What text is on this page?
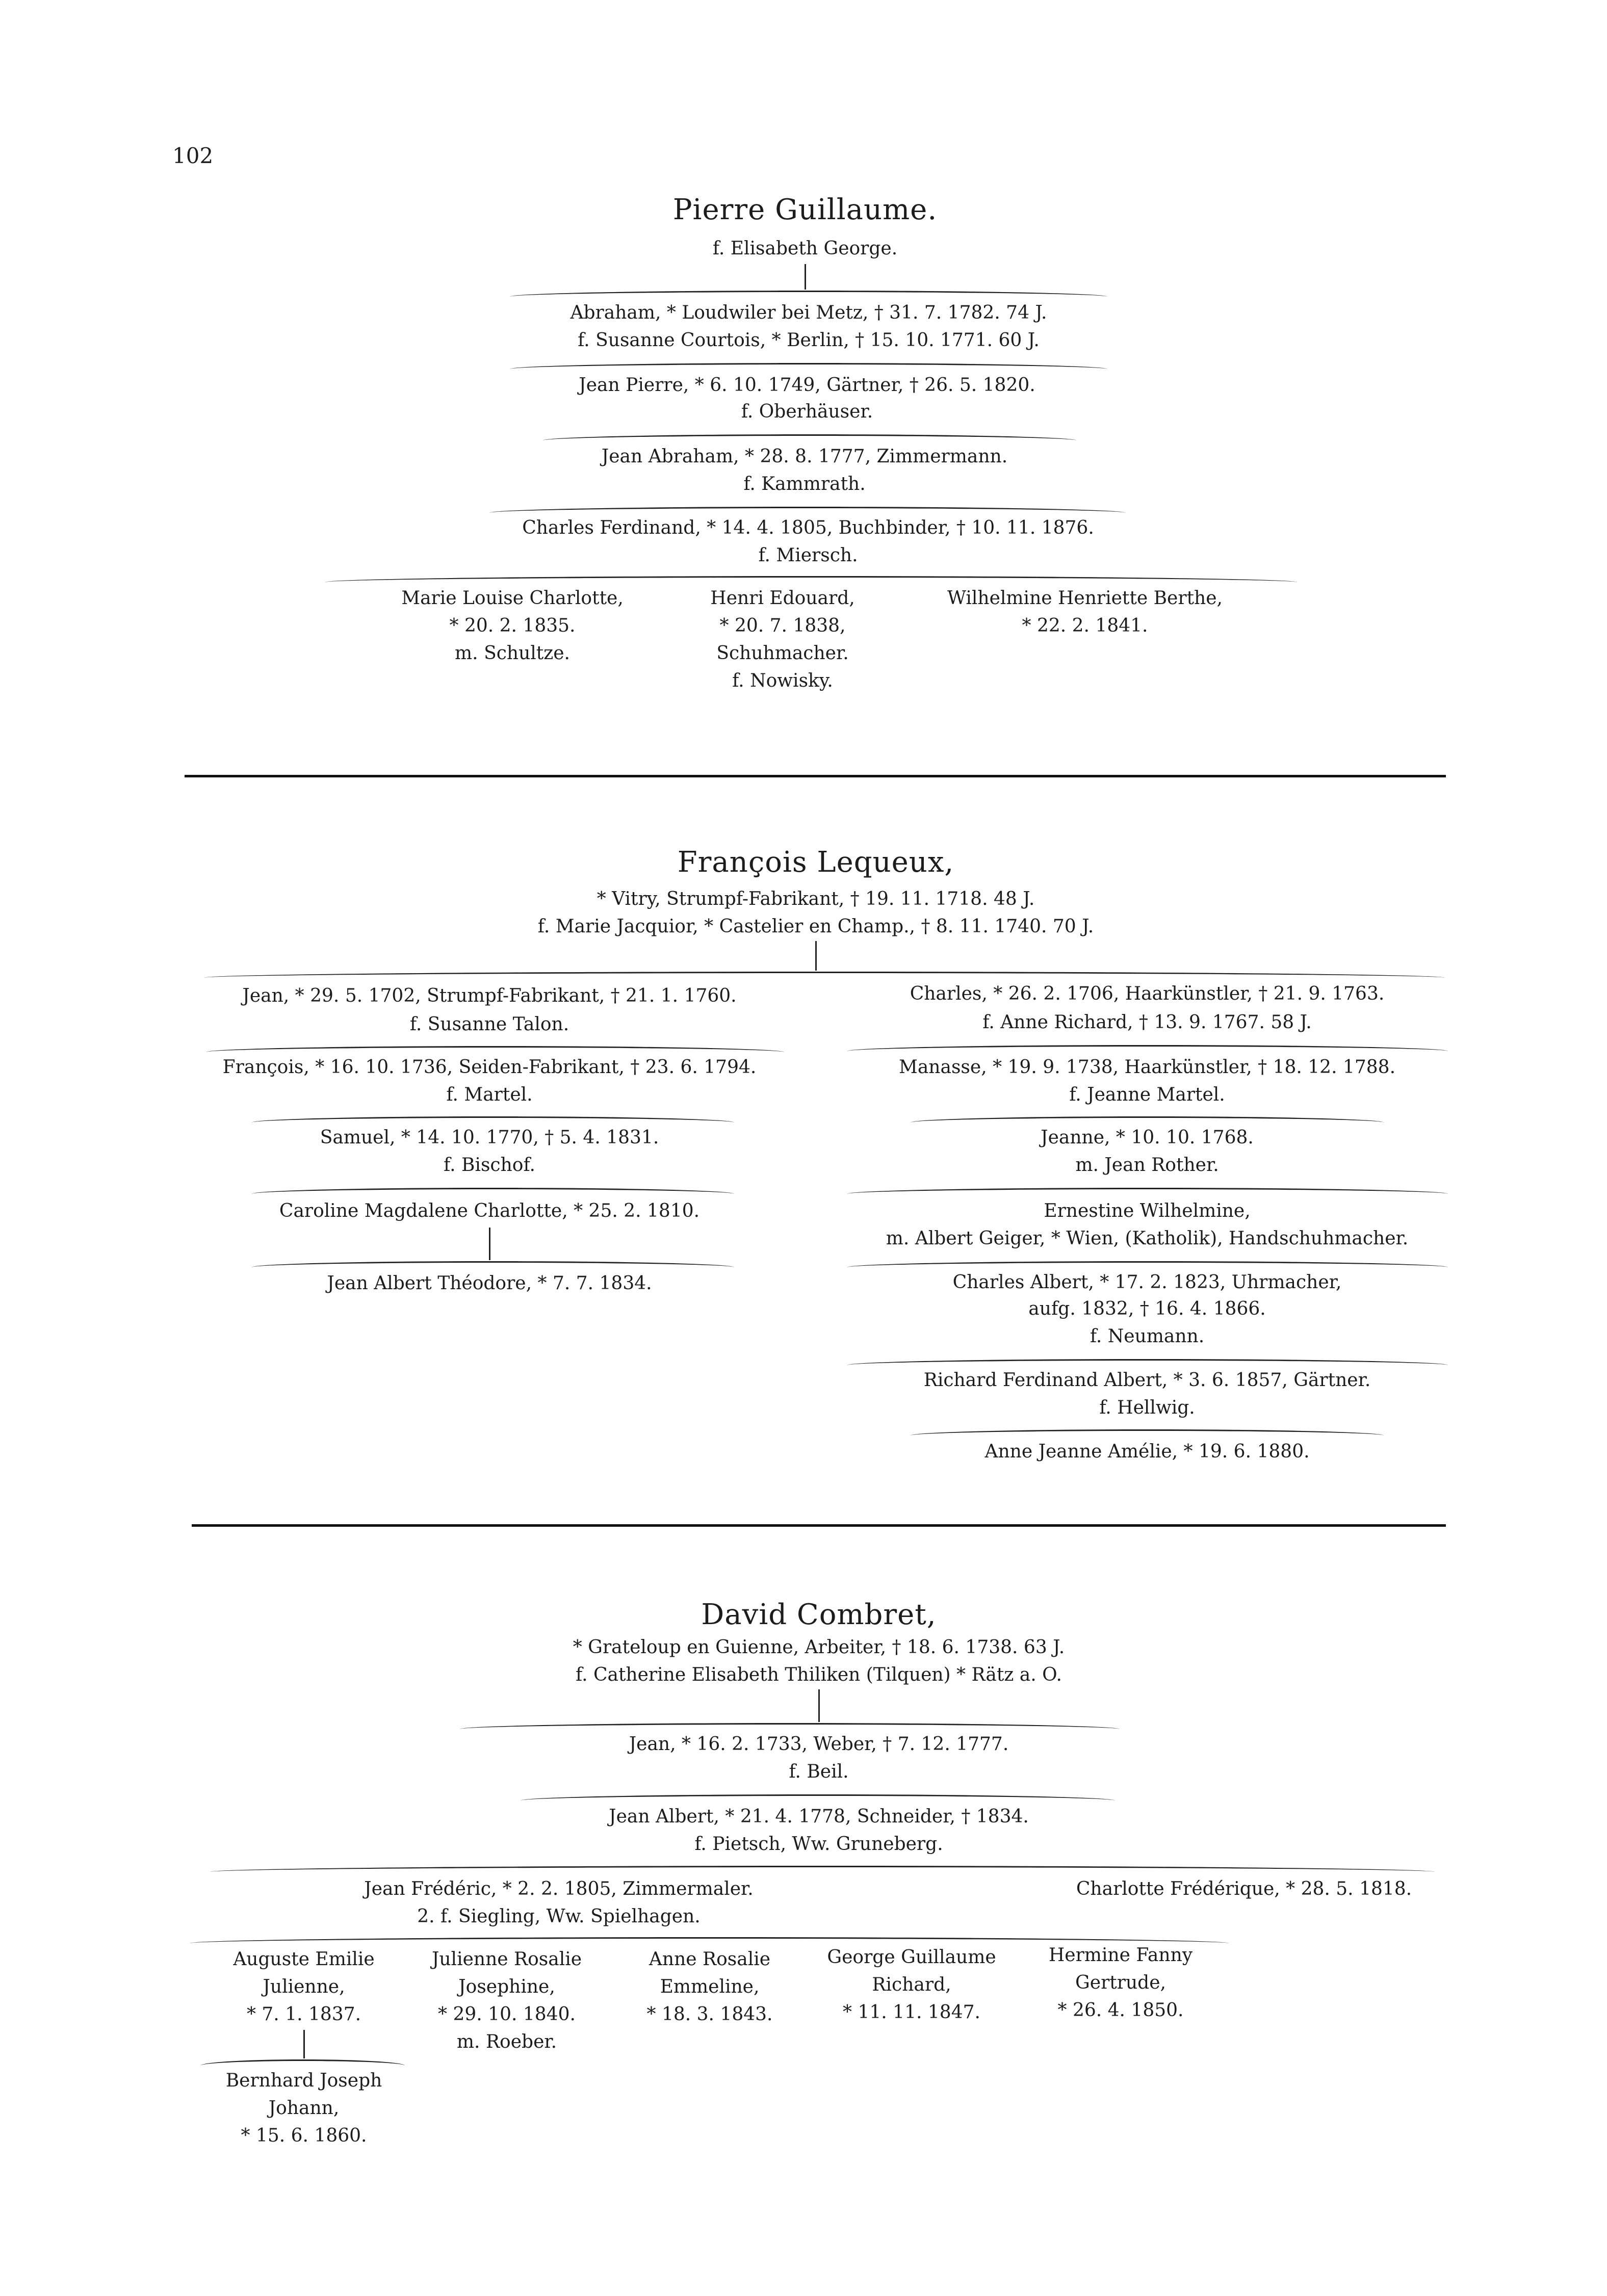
102
Pierre Guillaume.
f. Elisabeth George.
Abraham, * Loudwiler bei Metz, † 31. 7. 1782. 74 J.
f. Susanne Courtois, * Berlin, † 15. 10. 1771. 60 J.
Jean Pierre, * 6. 10. 1749, Gärtner, † 26. 5. 1820.
f. Oberhäuser.
Jean Abraham, * 28. 8. 1777, Zimmermann.
f. Kammrath.
Charles Ferdinand, * 14. 4. 1805, Buchbinder, † 10. 11. 1876.
f. Miersch.
Marie Louise Charlotte,
* 20. 2. 1835.
m. Schultze.
Henri Edouard,
* 20. 7. 1838,
Schuhmacher.
f. Nowisky.
Wilhelmine Henriette Berthe,
* 22. 2. 1841.
François Lequeux,
* Vitry, Strumpf-Fabrikant, † 19. 11. 1718. 48 J.
f. Marie Jacquior, * Castelier en Champ., † 8. 11. 1740. 70 J.
Jean, * 29. 5. 1702, Strumpf-Fabrikant, † 21. 1. 1760.
f. Susanne Talon.
François, * 16. 10. 1736, Seiden-Fabrikant, † 23. 6. 1794.
f. Martel.
Samuel, * 14. 10. 1770, † 5. 4. 1831.
f. Bischof.
Caroline Magdalene Charlotte, * 25. 2. 1810.
Jean Albert Théodore, * 7. 7. 1834.
Charles, * 26. 2. 1706, Haarkünstler, † 21. 9. 1763.
f. Anne Richard, † 13. 9. 1767. 58 J.
Manasse, * 19. 9. 1738, Haarkünstler, † 18. 12. 1788.
f. Jeanne Martel.
Jeanne, * 10. 10. 1768.
m. Jean Rother.
Ernestine Wilhelmine,
m. Albert Geiger, * Wien, (Katholik), Handschuhmacher.
Charles Albert, * 17. 2. 1823, Uhrmacher,
aufg. 1832, † 16. 4. 1866.
f. Neumann.
Richard Ferdinand Albert, * 3. 6. 1857, Gärtner.
f. Hellwig.
Anne Jeanne Amélie, * 19. 6. 1880.
David Combret,
* Grateloup en Guienne, Arbeiter, † 18. 6. 1738. 63 J.
f. Catherine Elisabeth Thiliken (Tilquen) * Rätz a. O.
Jean, * 16. 2. 1733, Weber, † 7. 12. 1777.
f. Beil.
Jean Albert, * 21. 4. 1778, Schneider, † 1834.
f. Pietsch, Ww. Gruneberg.
Jean Frédéric, * 2. 2. 1805, Zimmermaler.
2. f. Siegling, Ww. Spielhagen.
Charlotte Frédérique, * 28. 5. 1818.
Auguste Emilie
Julienne,
* 7. 1. 1837.
Julienne Rosalie
Josephine,
* 29. 10. 1840.
m. Roeber.
Anne Rosalie
Emmeline,
* 18. 3. 1843.
George Guillaume
Richard,
* 11. 11. 1847.
Hermine Fanny
Gertrude,
* 26. 4. 1850.
Bernhard Joseph
Johann,
* 15. 6. 1860.
